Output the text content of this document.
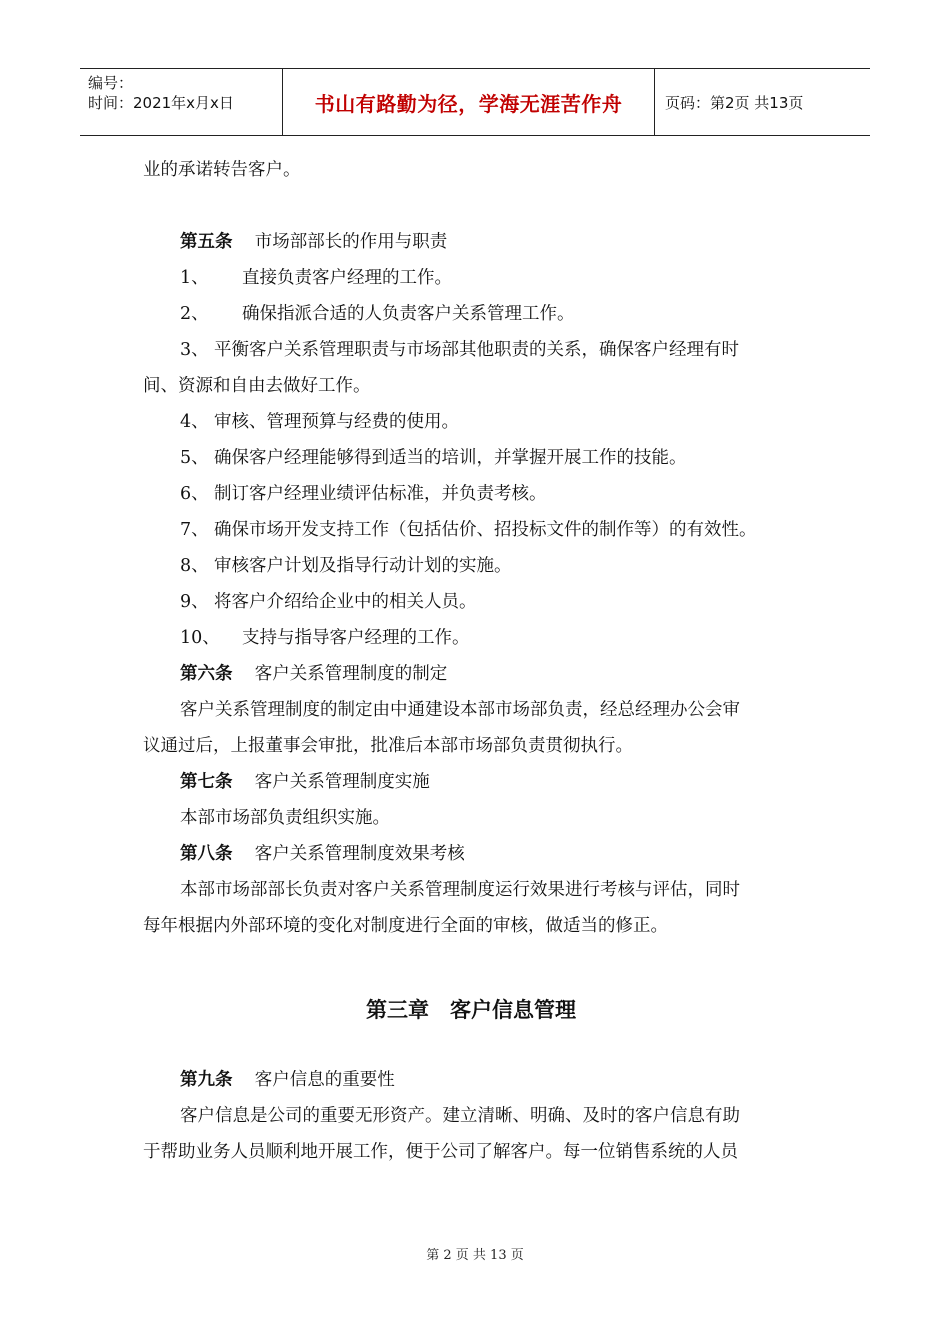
编号：
时间：2021年x月x日	书山有路勤为径，学海无涯苦作舟	页码：第2页 共13页
业的承诺转告客户。
第五条 市场部部长的作用与职责
1、 直接负责客户经理的工作。
2、 确保指派合适的人负责客户关系管理工作。
3、 平衡客户关系管理职责与市场部其他职责的关系，确保客户经理有时
间、资源和自由去做好工作。
4、 审核、管理预算与经费的使用。
5、 确保客户经理能够得到适当的培训，并掌握开展工作的技能。
6、 制订客户经理业绩评估标准，并负责考核。
7、 确保市场开发支持工作（包括估价、招投标文件的制作等）的有效性。
8、 审核客户计划及指导行动计划的实施。
9、 将客户介绍给企业中的相关人员。
10、 支持与指导客户经理的工作。
第六条 客户关系管理制度的制定
客户关系管理制度的制定由中通建设本部市场部负责，经总经理办公会审
议通过后，上报董事会审批，批准后本部市场部负责贯彻执行。
第七条 客户关系管理制度实施
本部市场部负责组织实施。
第八条 客户关系管理制度效果考核
本部市场部部长负责对客户关系管理制度运行效果进行考核与评估，同时
每年根据内外部环境的变化对制度进行全面的审核，做适当的修正。
第三章　客户信息管理
第九条 客户信息的重要性
客户信息是公司的重要无形资产。建立清晰、明确、及时的客户信息有助
于帮助业务人员顺利地开展工作，便于公司了解客户。每一位销售系统的人员
第 2 页 共 13 页
